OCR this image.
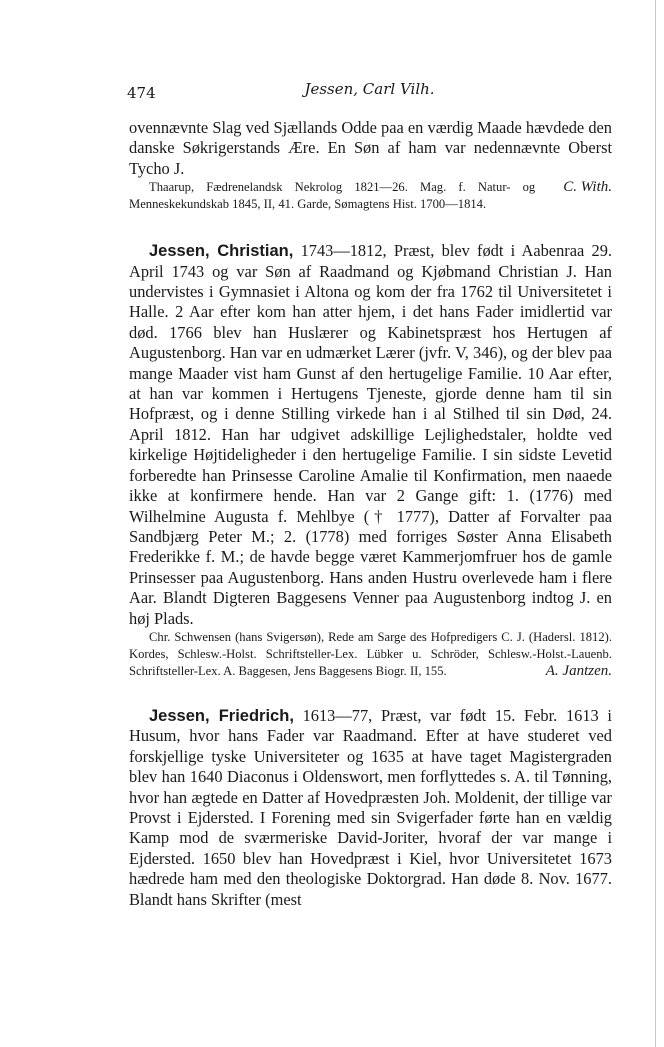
474	Jessen, Carl Vilh.

ovennævnte Slag ved Sjællands Odde paa en værdig Maade hævdede den danske Søkrigerstands Ære. En Søn af ham var nedennævnte Oberst Tycho J.

C. With.
Thaarup, Fædrenelandsk Nekrolog 1821—26. Mag. f. Natur- og Menneskekundskab 1845, II, 41. Garde, Sømagtens Hist. 1700—1814.

Jessen, Christian, 1743—1812, Præst, blev født i Aabenraa 29. April 1743 og var Søn af Raadmand og Kjøbmand Christian J. Han undervistes i Gymnasiet i Altona og kom der fra 1762 til Universitetet i Halle. 2 Aar efter kom han atter hjem, i det hans Fader imidlertid var død. 1766 blev han Huslærer og Kabinetspræst hos Hertugen af Augustenborg. Han var en udmærket Lærer (jvfr. V, 346), og der blev paa mange Maader vist ham Gunst af den hertugelige Familie. 10 Aar efter, at han var kommen i Hertugens Tjeneste, gjorde denne ham til sin Hofpræst, og i denne Stilling virkede han i al Stilhed til sin Død, 24. April 1812. Han har udgivet adskillige Lejlighedstaler, holdte ved kirkelige Højtideligheder i den hertugelige Familie. I sin sidste Levetid forberedte han Prinsesse Caroline Amalie til Konfirmation, men naaede ikke at konfirmere hende. Han var 2 Gange gift: 1. (1776) med Wilhelmine Augusta f. Mehlbye († 1777), Datter af Forvalter paa Sandbjærg Peter M.; 2. (1778) med forriges Søster Anna Elisabeth Frederikke f. M.; de havde begge været Kammerjomfruer hos de gamle Prinsesser paa Augustenborg. Hans anden Hustru overlevede ham i flere Aar. Blandt Digteren Baggesens Venner paa Augustenborg indtog J. en høj Plads.

Chr. Schwensen (hans Svigersøn), Rede am Sarge des Hofpredigers C. J. (Hadersl. 1812). Kordes, Schlesw.-Holst. Schriftsteller-Lex. Lübker u. Schröder, Schlesw.-Holst.-Lauenb. Schriftsteller-Lex. A. Baggesen, Jens Baggesens Biogr. II, 155.	A. Jantzen.

Jessen, Friedrich, 1613—77, Præst, var født 15. Febr. 1613 i Husum, hvor hans Fader var Raadmand. Efter at have studeret ved forskjellige tyske Universiteter og 1635 at have taget Magistergraden blev han 1640 Diaconus i Oldenswort, men forflyttedes s. A. til Tønning, hvor han ægtede en Datter af Hovedpræsten Joh. Moldenit, der tillige var Provst i Ejdersted. I Forening med sin Svigerfader førte han en vældig Kamp mod de sværmeriske David-Joriter, hvoraf der var mange i Ejdersted. 1650 blev han Hovedpræst i Kiel, hvor Universitetet 1673 hædrede ham med den theologiske Doktorgrad. Han døde 8. Nov. 1677. Blandt hans Skrifter (mest
